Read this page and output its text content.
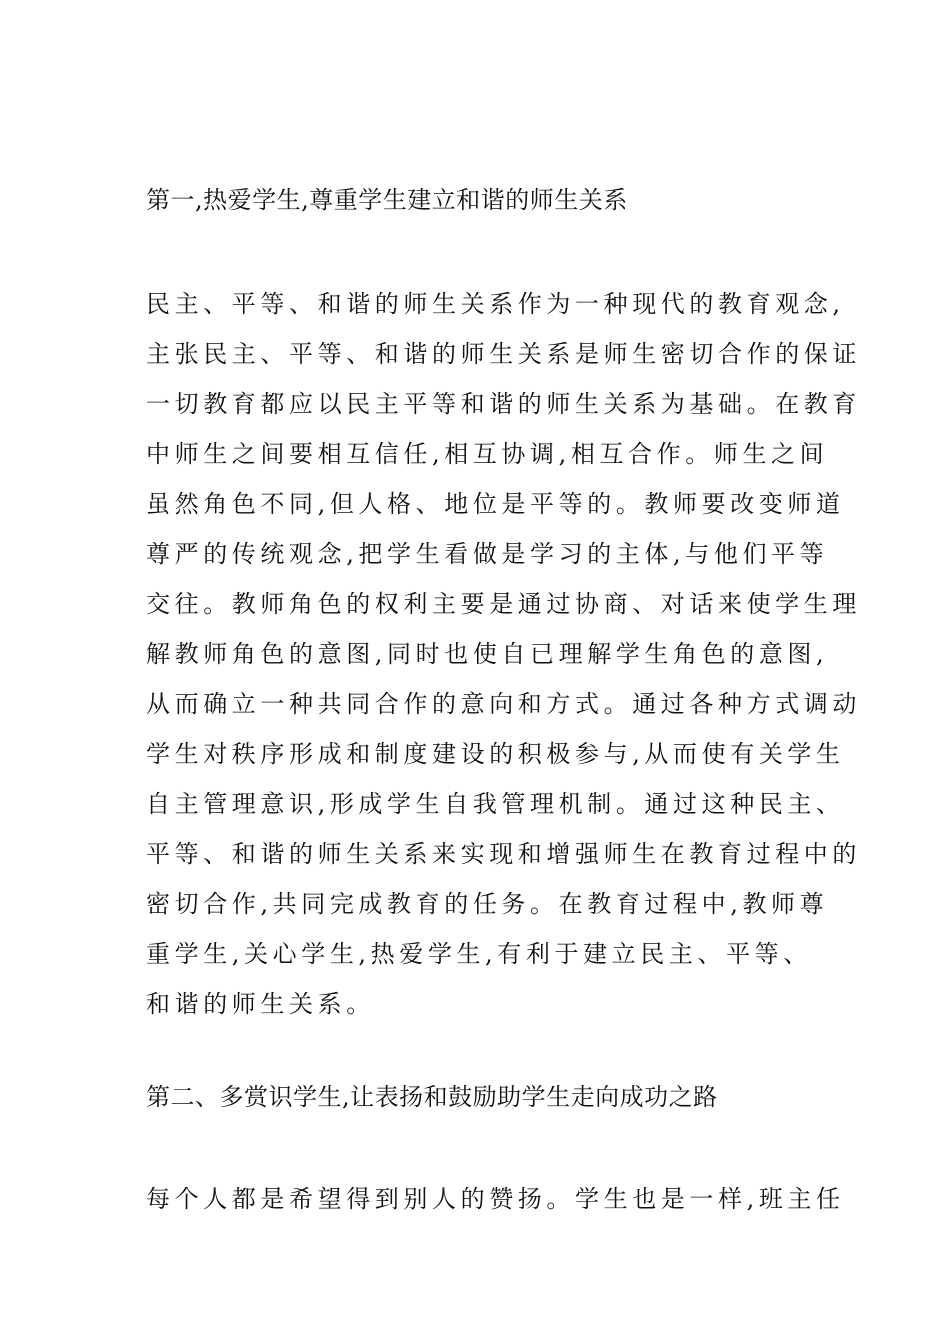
第一,热爱学生,尊重学生建立和谐的师生关系
民主、平等、和谐的师生关系作为一种现代的教育观念,
主张民主、平等、和谐的师生关系是师生密切合作的保证
一切教育都应以民主平等和谐的师生关系为基础。在教育
中师生之间要相互信任,相互协调,相互合作。师生之间
虽然角色不同,但人格、地位是平等的。教师要改变师道
尊严的传统观念,把学生看做是学习的主体,与他们平等
交往。教师角色的权利主要是通过协商、对话来使学生理
解教师角色的意图,同时也使自已理解学生角色的意图,
从而确立一种共同合作的意向和方式。通过各种方式调动
学生对秩序形成和制度建设的积极参与,从而使有关学生
自主管理意识,形成学生自我管理机制。通过这种民主、
平等、和谐的师生关系来实现和增强师生在教育过程中的
密切合作,共同完成教育的任务。在教育过程中,教师尊
重学生,关心学生,热爱学生,有利于建立民主、平等、
和谐的师生关系。
第二、多赏识学生,让表扬和鼓励助学生走向成功之路
每个人都是希望得到别人的赞扬。学生也是一样,班主任
